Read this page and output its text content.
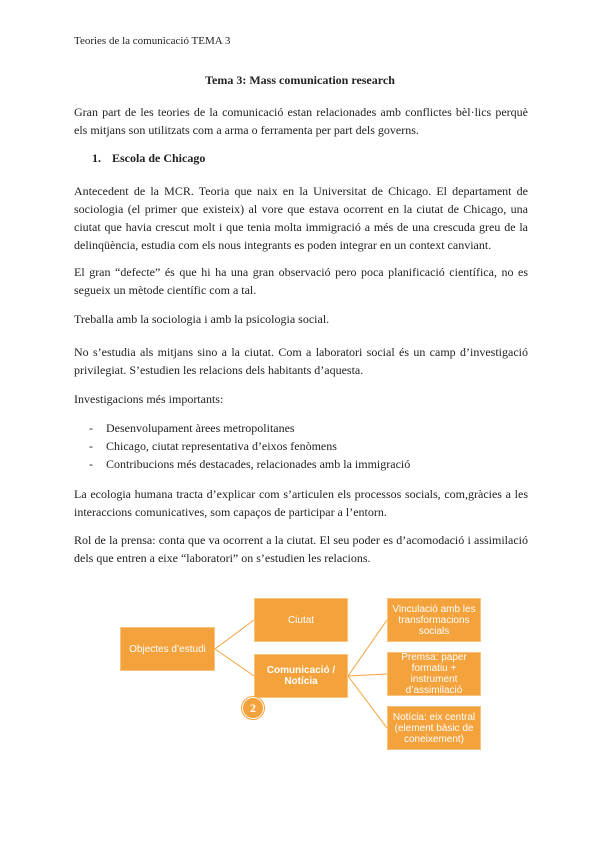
Teories de la comunicació TEMA 3
Tema 3: Mass comunication research
Gran part de les teories de la comunicació estan relacionades amb conflictes bèl·lics perquè els mitjans son utilitzats com a arma o ferramenta per part dels governs.
1. Escola de Chicago
Antecedent de la MCR. Teoria que naix en la Universitat de Chicago. El departament de sociologia (el primer que existeix) al vore que estava ocorrent en la ciutat de Chicago, una ciutat que havia crescut molt i que tenia molta immigració a més de una crescuda greu de la delinqüència, estudia com els nous integrants es poden integrar en un context canviant.
El gran “defecte” és que hi ha una gran observació pero poca planificació científica, no es segueix un mètode científic com a tal.
Treballa amb la sociologia i amb la psicologia social.
No s’estudia als mitjans sino a la ciutat. Com a laboratori social és un camp d’investigació privilegiat. S’estudien les relacions dels habitants d’aquesta.
Investigacions més importants:
- Desenvolupament àrees metropolitanes
- Chicago, ciutat representativa d’eixos fenòmens
- Contribucions més destacades, relacionades amb la immigració
La ecologia humana tracta d’explicar com s’articulen els processos socials, com,gràcies a les interaccions comunicatives, som capaços de participar a l’entorn.
Rol de la prensa: conta que va ocorrent a la ciutat. El seu poder es d’acomodació i assimilació dels que entren a eixe “laboratori” on s’estudien les relacions.
Objectes d’estudi
Ciutat
Comunicació / Notícia
Vinculació amb les transformacions socials
Premsa: paper formatiu + instrument d’assimilació
Notícia: eix central (element bàsic de coneixement)
2
